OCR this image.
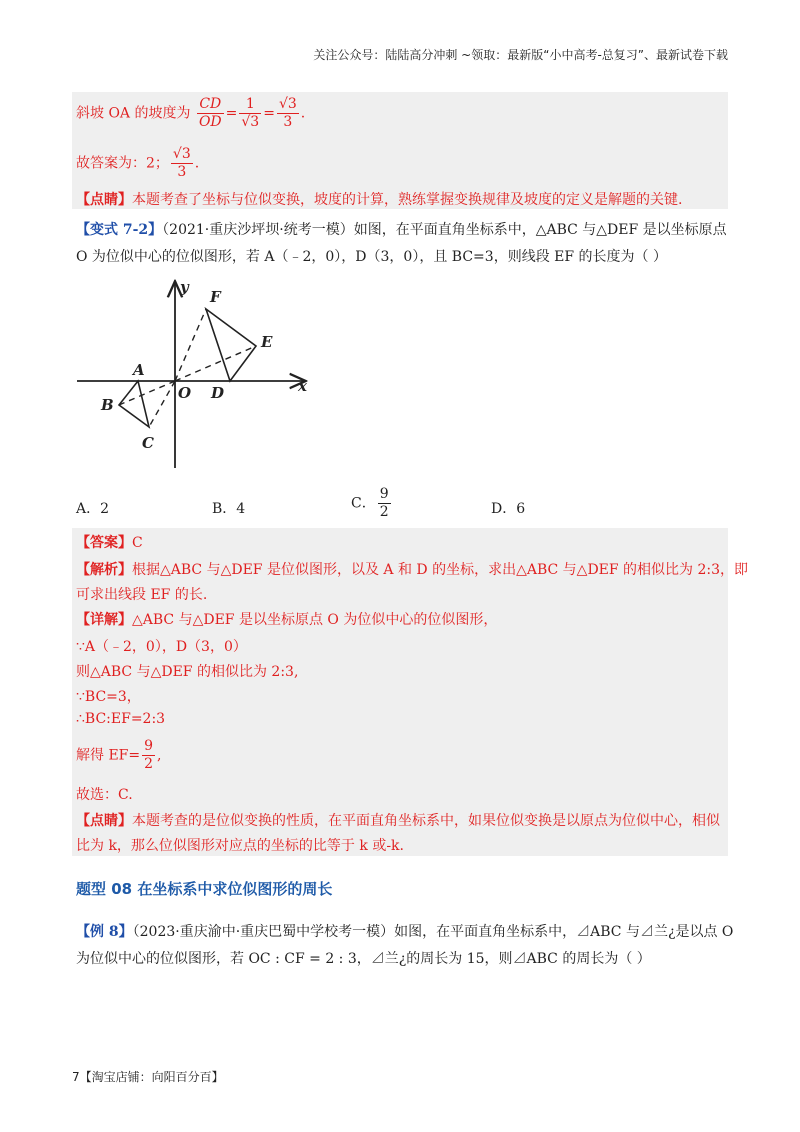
关注公众号：陆陆高分冲刺 ~领取：最新版“小中高考-总复习”、最新试卷下载
斜坡 OA 的坡度为 $\frac{CD}{OD} = \frac{1}{√3} = \frac{√3}{3}$ .
故答案为：2； $\frac{√3}{3}$ .
【点睛】本题考查了坐标与位似变换，坡度的计算，熟练掌握变换规律及坡度的定义是解题的关键.
【变式 7-2】（2021·重庆沙坪坝·统考一模）如图，在平面直角坐标系中，△ABC 与△DEF 是以坐标原点
O 为位似中心的位似图形，若 A（﹣2，0），D（3，0），且 BC=3，则线段 EF 的长度为（ ）
y
x
O
A
B
C
D
E
F
A．2	B．4	C． $\frac{9}{2}$	D．6
【答案】C
【解析】根据△ABC 与△DEF 是位似图形，以及 A 和 D 的坐标，求出△ABC 与△DEF 的相似比为 2:3，即
可求出线段 EF 的长.
【详解】△ABC 与△DEF 是以坐标原点 O 为位似中心的位似图形，
∵A（﹣2，0），D（3，0）
则△ABC 与△DEF 的相似比为 2:3,
∵BC=3，
∴BC:EF=2:3
解得 $EF= \frac{9}{2}$ ,
故选：C.
【点睛】本题考查的是位似变换的性质，在平面直角坐标系中，如果位似变换是以原点为位似中心，相似
比为 k，那么位似图形对应点的坐标的比等于 k 或-k.
题型 08 在坐标系中求位似图形的周长
【例 8】（2023·重庆渝中·重庆巴蜀中学校考一模）如图，在平面直角坐标系中，⊿ABC 与⊿兰¿是以点 O
为位似中心的位似图形，若 OC : CF = 2 : 3，⊿兰¿的周长为 15，则⊿ABC 的周长为（ ）
7【淘宝店铺：向阳百分百】
